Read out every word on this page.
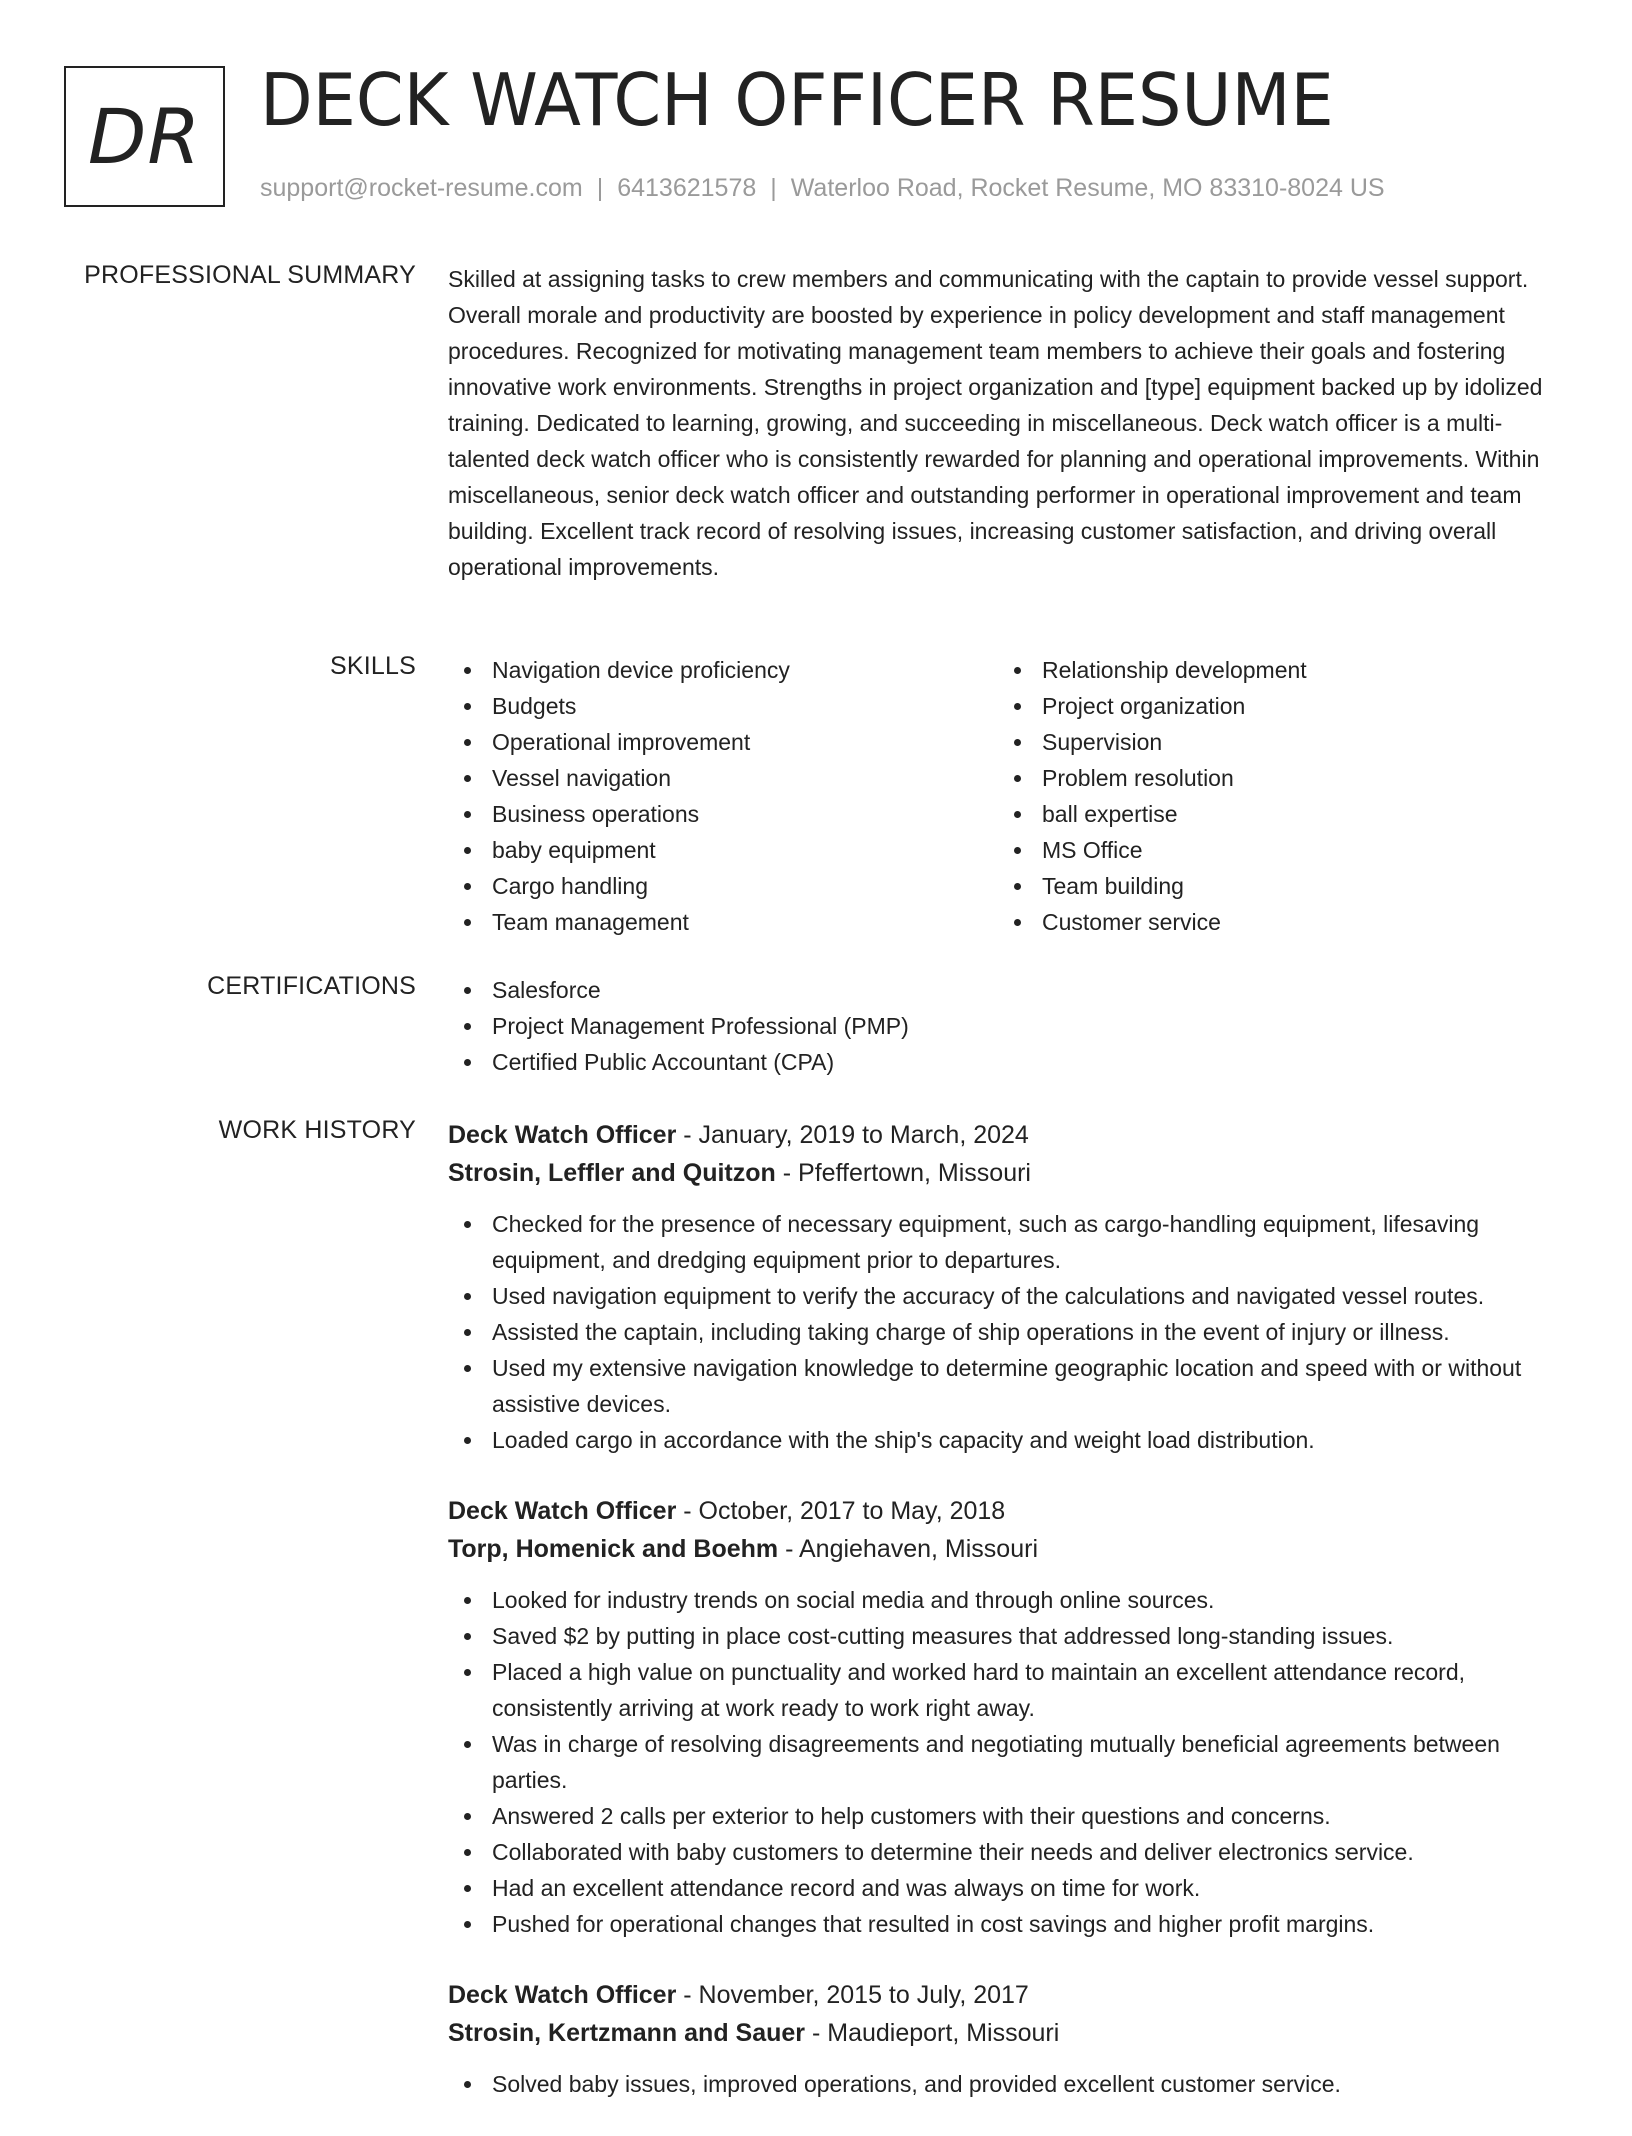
DR DECK WATCH OFFICER RESUME
support@rocket-resume.com | 6413621578 | Waterloo Road, Rocket Resume, MO 83310-8024 US
PROFESSIONAL SUMMARY Skilled at assigning tasks to crew members and communicating with the captain to provide vessel support. Overall morale and productivity are boosted by experience in policy development and staff management procedures. Recognized for motivating management team members to achieve their goals and fostering innovative work environments. Strengths in project organization and [type] equipment backed up by idolized training. Dedicated to learning, growing, and succeeding in miscellaneous. Deck watch officer is a multi-talented deck watch officer who is consistently rewarded for planning and operational improvements. Within miscellaneous, senior deck watch officer and outstanding performer in operational improvement and team building. Excellent track record of resolving issues, increasing customer satisfaction, and driving overall operational improvements.
SKILLS	Navigation device proficiency
Budgets
Operational improvement
Vessel navigation
Business operations
baby equipment
Cargo handling
Team management
Relationship development
Project organization
Supervision
Problem resolution
ball expertise
MS Office
Team building
Customer service
CERTIFICATIONS	Salesforce
Project Management Professional (PMP)
Certified Public Accountant (CPA)
WORK HISTORY Deck Watch Officer - January, 2019 to March, 2024
Strosin, Leffler and Quitzon - Pfeffertown, Missouri
Checked for the presence of necessary equipment, such as cargo-handling equipment, lifesaving equipment, and dredging equipment prior to departures.
Used navigation equipment to verify the accuracy of the calculations and navigated vessel routes.
Assisted the captain, including taking charge of ship operations in the event of injury or illness.
Used my extensive navigation knowledge to determine geographic location and speed with or without assistive devices.
Loaded cargo in accordance with the ship's capacity and weight load distribution.
Deck Watch Officer - October, 2017 to May, 2018
Torp, Homenick and Boehm - Angiehaven, Missouri
Looked for industry trends on social media and through online sources.
Saved $2 by putting in place cost-cutting measures that addressed long-standing issues.
Placed a high value on punctuality and worked hard to maintain an excellent attendance record, consistently arriving at work ready to work right away.
Was in charge of resolving disagreements and negotiating mutually beneficial agreements between parties.
Answered 2 calls per exterior to help customers with their questions and concerns.
Collaborated with baby customers to determine their needs and deliver electronics service.
Had an excellent attendance record and was always on time for work.
Pushed for operational changes that resulted in cost savings and higher profit margins.
Deck Watch Officer - November, 2015 to July, 2017
Strosin, Kertzmann and Sauer - Maudieport, Missouri
Solved baby issues, improved operations, and provided excellent customer service.
